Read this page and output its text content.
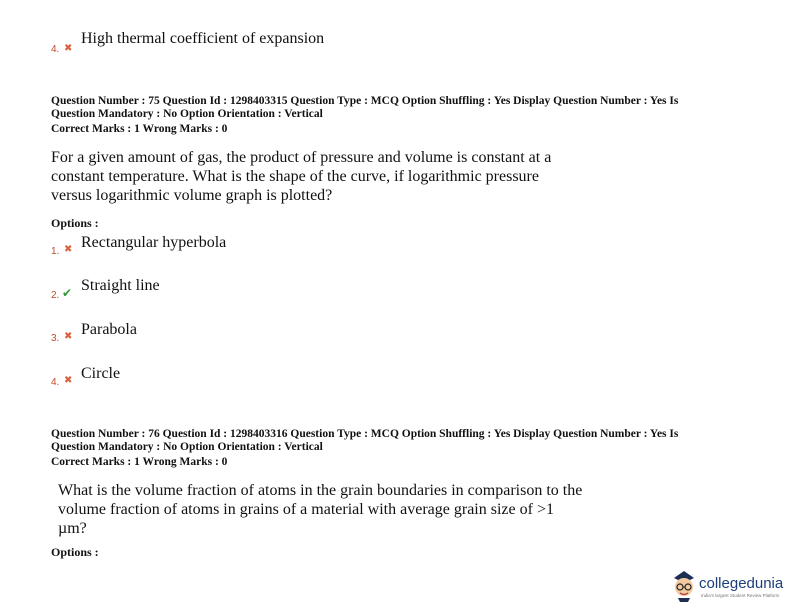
4. ✖
High thermal coefficient of expansion
Question Number : 75 Question Id : 1298403315 Question Type : MCQ Option Shuffling : Yes Display Question Number : Yes Is
Question Mandatory : No Option Orientation : Vertical
Correct Marks : 1 Wrong Marks : 0
For a given amount of gas, the product of pressure and volume is constant at a
constant temperature. What is the shape of the curve, if logarithmic pressure
versus logarithmic volume graph is plotted?
Options :
1. ✖ Rectangular hyperbola
2. ✔ Straight line
3. ✖ Parabola
4. ✖ Circle
Question Number : 76 Question Id : 1298403316 Question Type : MCQ Option Shuffling : Yes Display Question Number : Yes Is
Question Mandatory : No Option Orientation : Vertical
Correct Marks : 1 Wrong Marks : 0
What is the volume fraction of atoms in the grain boundaries in comparison to the
volume fraction of atoms in grains of a material with average grain size of >1
µm?
Options :
collegedunia
India's largest Student Review Platform
